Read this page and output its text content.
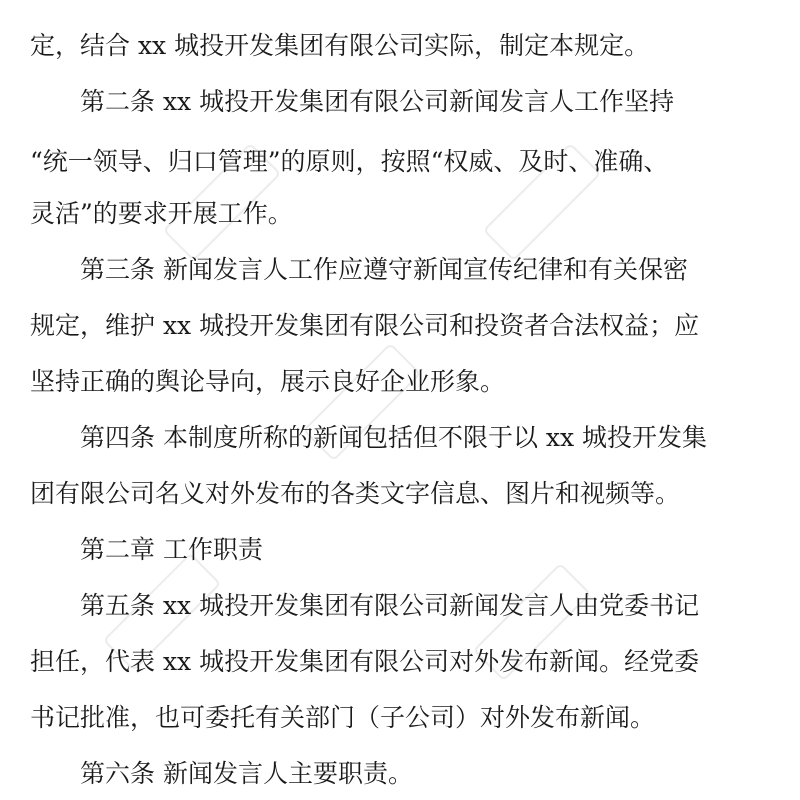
定，结合 xx 城投开发集团有限公司实际，制定本规定。
第二条 xx 城投开发集团有限公司新闻发言人工作坚持
“统一领导、归口管理”的原则，按照“权威、及时、准确、
灵活”的要求开展工作。
第三条 新闻发言人工作应遵守新闻宣传纪律和有关保密
规定，维护 xx 城投开发集团有限公司和投资者合法权益；应
坚持正确的舆论导向，展示良好企业形象。
第四条 本制度所称的新闻包括但不限于以 xx 城投开发集
团有限公司名义对外发布的各类文字信息、图片和视频等。
第二章 工作职责
第五条 xx 城投开发集团有限公司新闻发言人由党委书记
担任，代表 xx 城投开发集团有限公司对外发布新闻。经党委
书记批准，也可委托有关部门（子公司）对外发布新闻。
第六条 新闻发言人主要职责。
